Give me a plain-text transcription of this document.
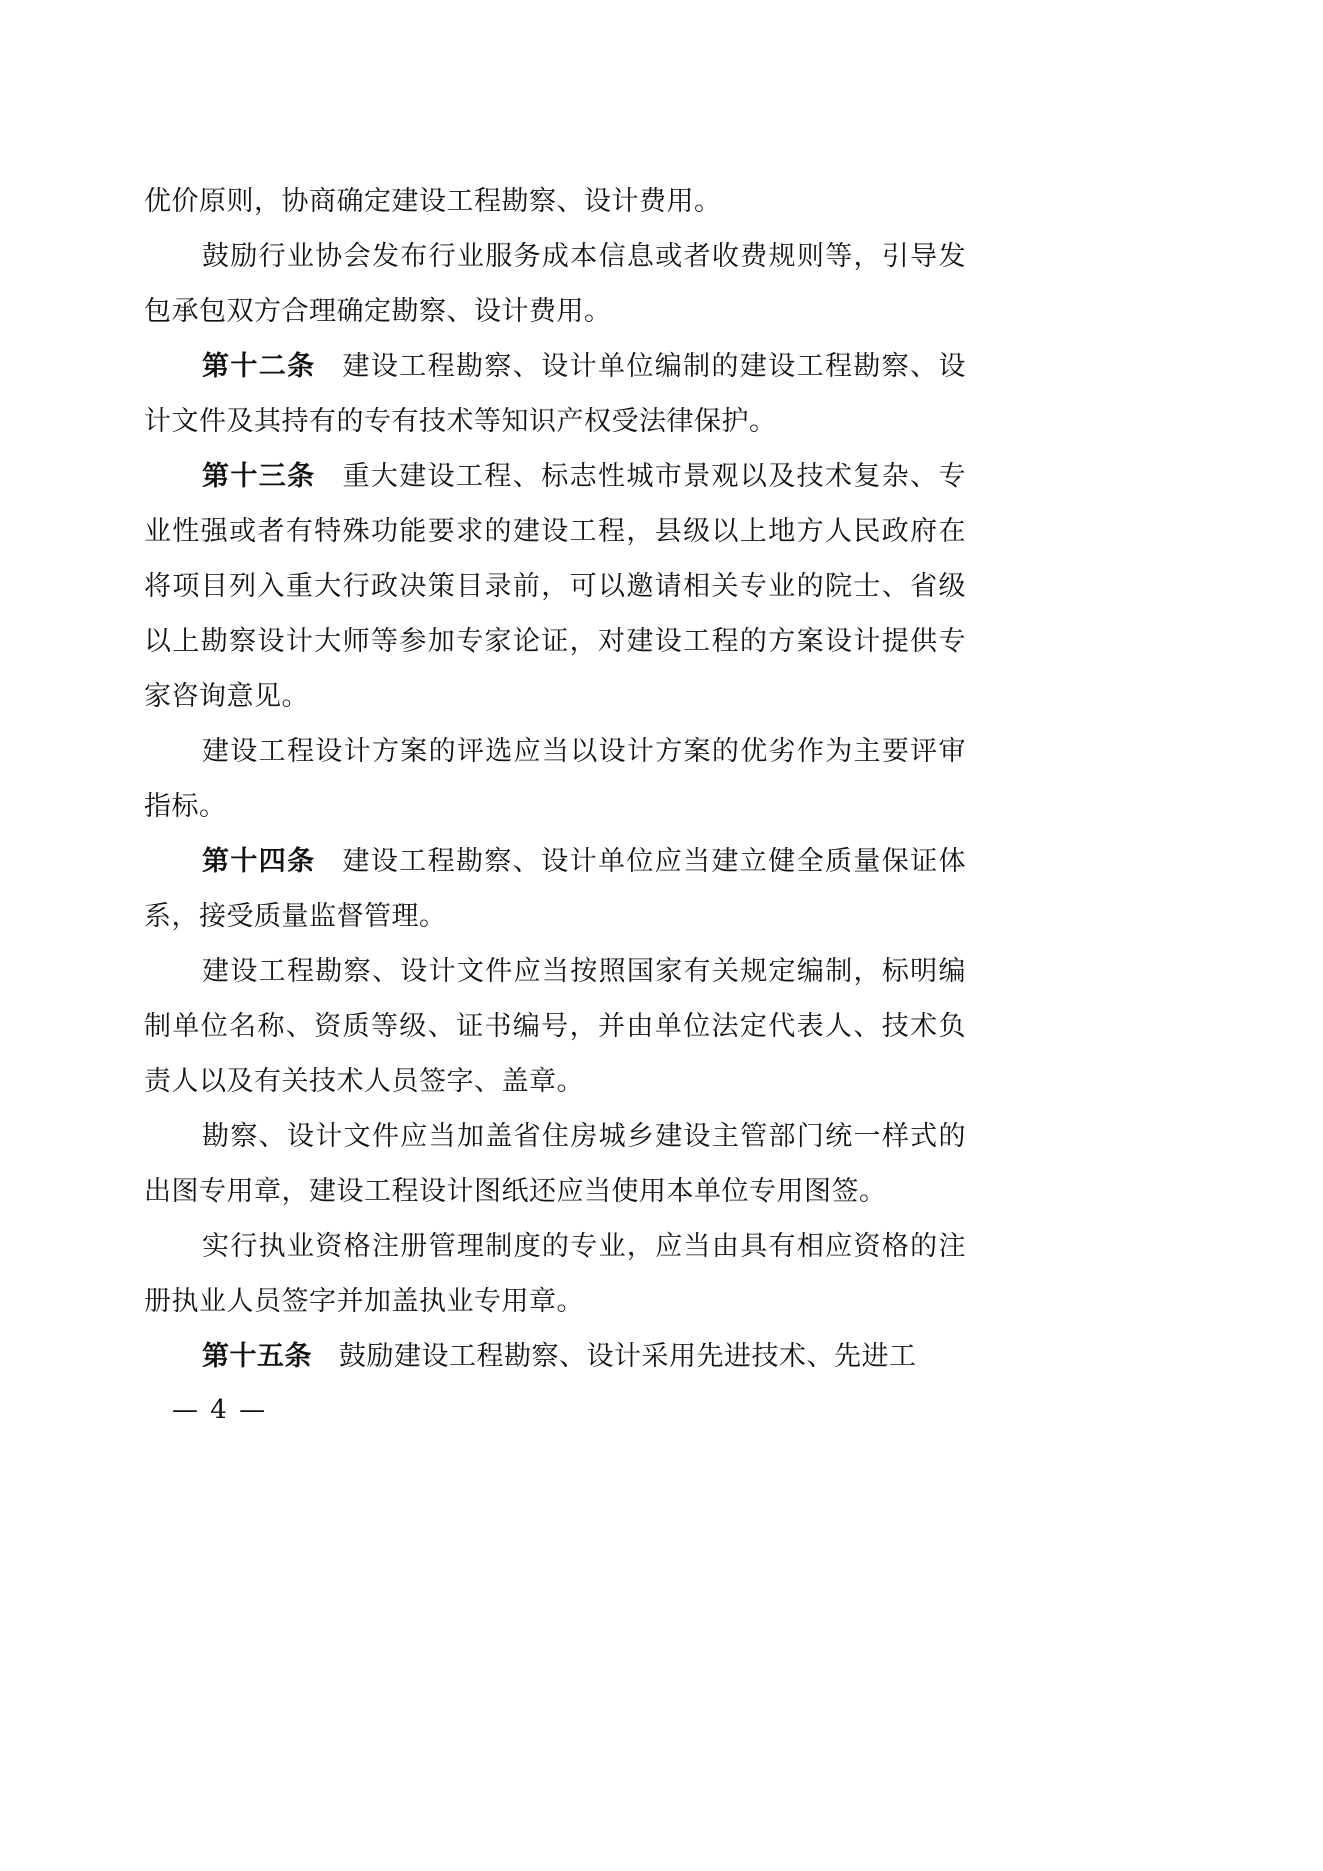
优价原则，协商确定建设工程勘察、设计费用。

鼓励行业协会发布行业服务成本信息或者收费规则等，引导发包承包双方合理确定勘察、设计费用。

第十二条 建设工程勘察、设计单位编制的建设工程勘察、设计文件及其持有的专有技术等知识产权受法律保护。

第十三条 重大建设工程、标志性城市景观以及技术复杂、专业性强或者有特殊功能要求的建设工程，县级以上地方人民政府在将项目列入重大行政决策目录前，可以邀请相关专业的院士、省级以上勘察设计大师等参加专家论证，对建设工程的方案设计提供专家咨询意见。

建设工程设计方案的评选应当以设计方案的优劣作为主要评审指标。

第十四条 建设工程勘察、设计单位应当建立健全质量保证体系，接受质量监督管理。

建设工程勘察、设计文件应当按照国家有关规定编制，标明编制单位名称、资质等级、证书编号，并由单位法定代表人、技术负责人以及有关技术人员签字、盖章。

勘察、设计文件应当加盖省住房城乡建设主管部门统一样式的出图专用章，建设工程设计图纸还应当使用本单位专用图签。

实行执业资格注册管理制度的专业，应当由具有相应资格的注册执业人员签字并加盖执业专用章。

第十五条 鼓励建设工程勘察、设计采用先进技术、先进工

— 4 —
